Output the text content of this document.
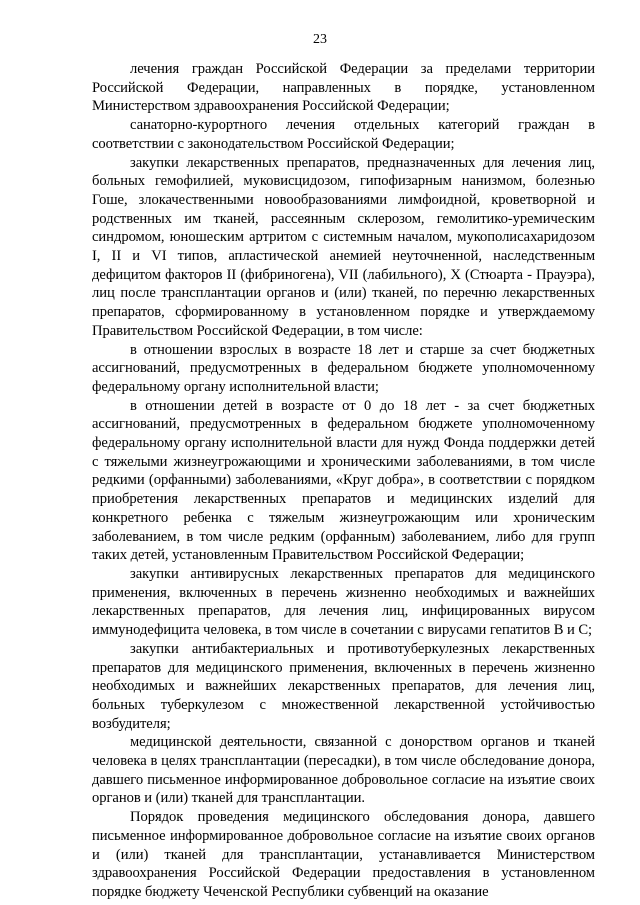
23

лечения граждан Российской Федерации за пределами территории Российской Федерации, направленных в порядке, установленном Министерством здравоохранения Российской Федерации;

санаторно-курортного лечения отдельных категорий граждан в соответствии с законодательством Российской Федерации;

закупки лекарственных препаратов, предназначенных для лечения лиц, больных гемофилией, муковисцидозом, гипофизарным нанизмом, болезнью Гоше, злокачественными новообразованиями лимфоидной, кроветворной и родственных им тканей, рассеянным склерозом, гемолитико-уремическим синдромом, юношеским артритом с системным началом, мукополисахаридозом I, II и VI типов, апластической анемией неуточненной, наследственным дефицитом факторов II (фибриногена), VII (лабильного), X (Стюарта - Прауэра), лиц после трансплантации органов и (или) тканей, по перечню лекарственных препаратов, сформированному в установленном порядке и утверждаемому Правительством Российской Федерации, в том числе:

в отношении взрослых в возрасте 18 лет и старше за счет бюджетных ассигнований, предусмотренных в федеральном бюджете уполномоченному федеральному органу исполнительной власти;

в отношении детей в возрасте от 0 до 18 лет - за счет бюджетных ассигнований, предусмотренных в федеральном бюджете уполномоченному федеральному органу исполнительной власти для нужд Фонда поддержки детей с тяжелыми жизнеугрожающими и хроническими заболеваниями, в том числе редкими (орфанными) заболеваниями, «Круг добра», в соответствии с порядком приобретения лекарственных препаратов и медицинских изделий для конкретного ребенка с тяжелым жизнеугрожающим или хроническим заболеванием, в том числе редким (орфанным) заболеванием, либо для групп таких детей, установленным Правительством Российской Федерации;

закупки антивирусных лекарственных препаратов для медицинского применения, включенных в перечень жизненно необходимых и важнейших лекарственных препаратов, для лечения лиц, инфицированных вирусом иммунодефицита человека, в том числе в сочетании с вирусами гепатитов B и C;

закупки антибактериальных и противотуберкулезных лекарственных препаратов для медицинского применения, включенных в перечень жизненно необходимых и важнейших лекарственных препаратов, для лечения лиц, больных туберкулезом с множественной лекарственной устойчивостью возбудителя;

медицинской деятельности, связанной с донорством органов и тканей человека в целях трансплантации (пересадки), в том числе обследование донора, давшего письменное информированное добровольное согласие на изъятие своих органов и (или) тканей для трансплантации.

Порядок проведения медицинского обследования донора, давшего письменное информированное добровольное согласие на изъятие своих органов и (или) тканей для трансплантации, устанавливается Министерством здравоохранения Российской Федерации предоставления в установленном порядке бюджету Чеченской Республики субвенций на оказание
